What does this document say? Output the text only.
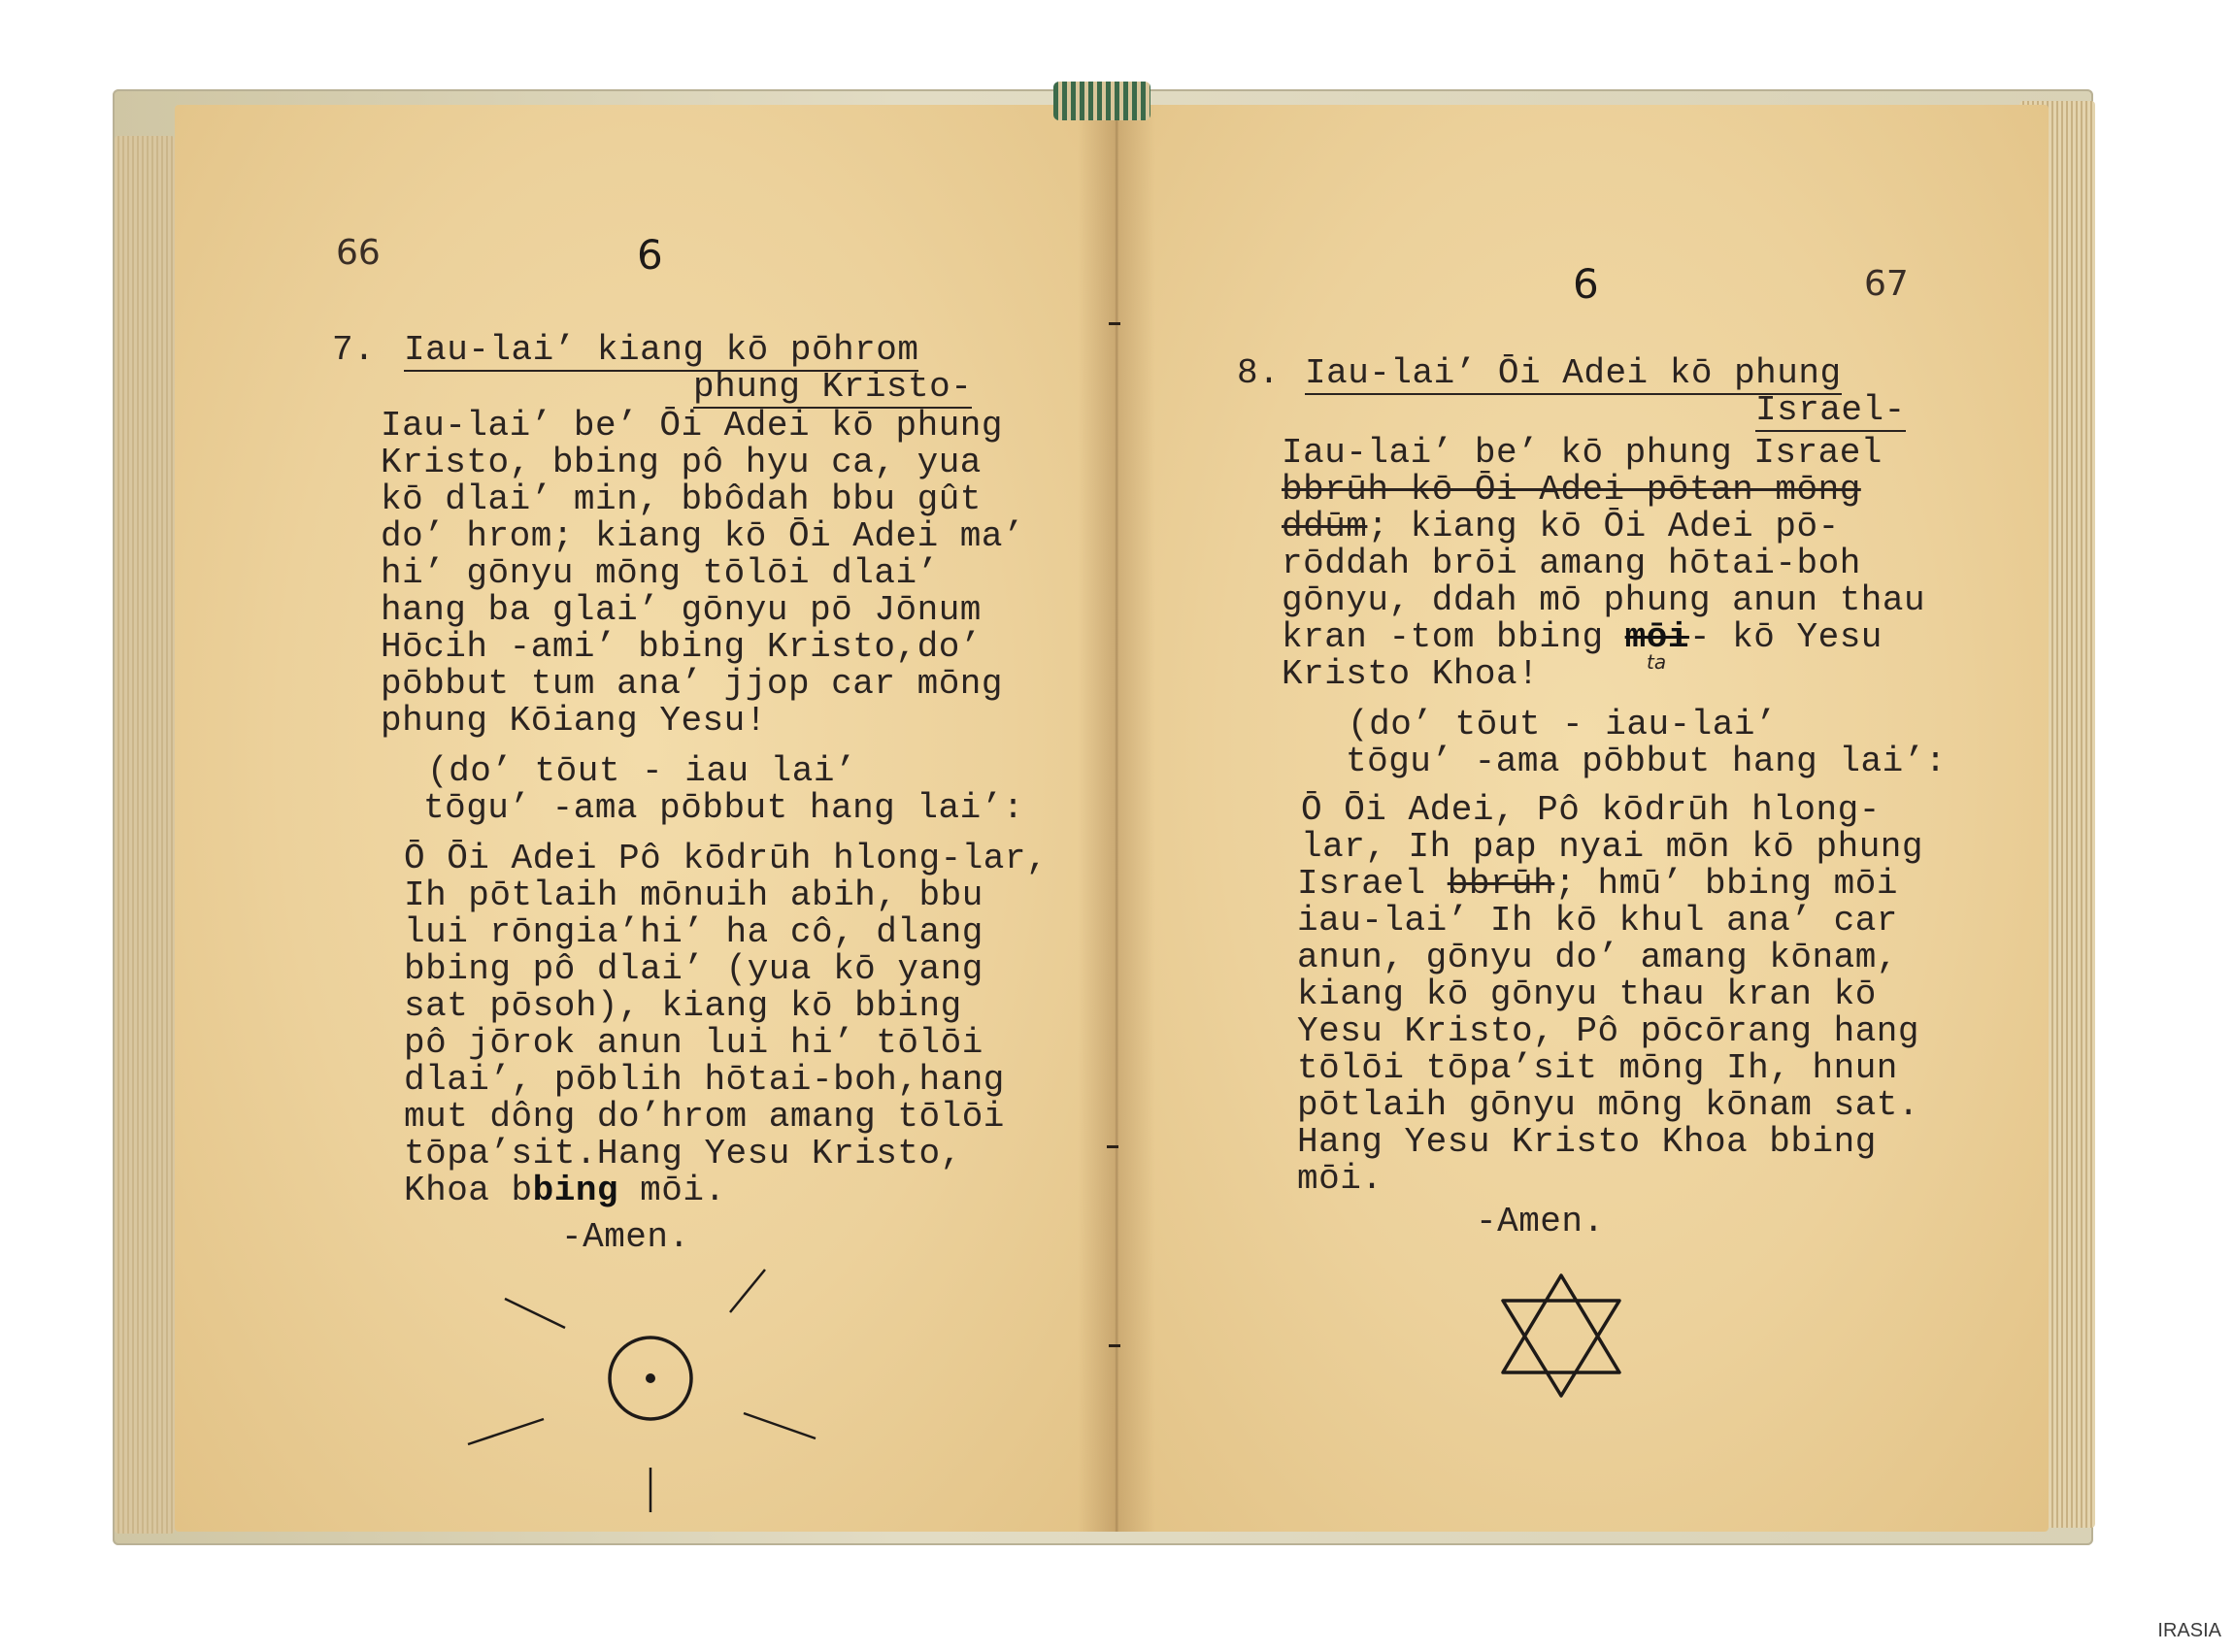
66	6
7. Iau-lai’ kiang kō pōhrom
phung Kristo-
Iau-lai’ be’ Ōi Adei kō phung
Kristo, bbing pô hyu ca, yua
kō dlai’ min, bbôdah bbu gût
do’ hrom; kiang kō Ōi Adei ma’
hi’ gōnyu mōng tōlōi dlai’
hang ba glai’ gōnyu pō Jōnum
Hōcih -ami’ bbing Kristo,do’
pōbbut tum ana’ jjop car mōng
phung Kōiang Yesu!
(do’ tōut - iau lai’
tōgu’ -ama pōbbut hang lai’:
Ō Ōi Adei Pô kōdrūh hlong-lar,
Ih pōtlaih mōnuih abih, bbu
lui rōngia’hi’ ha cô, dlang
bbing pô dlai’ (yua kō yang
sat pōsoh), kiang kō bbing
pô jōrok anun lui hi’ tōlōi
dlai’, pōblih hōtai-boh,hang
mut dông do’hrom amang tōlōi
tōpa’sit.Hang Yesu Kristo,
Khoa bbing mōi.
-Amen.
6	67
8. Iau-lai’ Ōi Adei kō phung
Israel-
Iau-lai’ be’ kō phung Israel
bbrūh kō Ōi Adei pōtan mōng
ddūm; kiang kō Ōi Adei pō-
rōddah brōi amang hōtai-boh
gōnyu, ddah mō phung anun thau
kran -tom bbing mōi- kō Yesu
ta
Kristo Khoa!
(do’ tōut - iau-lai’
tōgu’ -ama pōbbut hang lai’:
Ō Ōi Adei, Pô kōdrūh hlong-
lar, Ih pap nyai mōn kō phung
Israel bbrūh; hmū’ bbing mōi
iau-lai’ Ih kō khul ana’ car
anun, gōnyu do’ amang kōnam,
kiang kō gōnyu thau kran kō
Yesu Kristo, Pô pōcōrang hang
tōlōi tōpa’sit mōng Ih, hnun
pōtlaih gōnyu mōng kōnam sat.
Hang Yesu Kristo Khoa bbing
mōi.
-Amen.
IRASIA
